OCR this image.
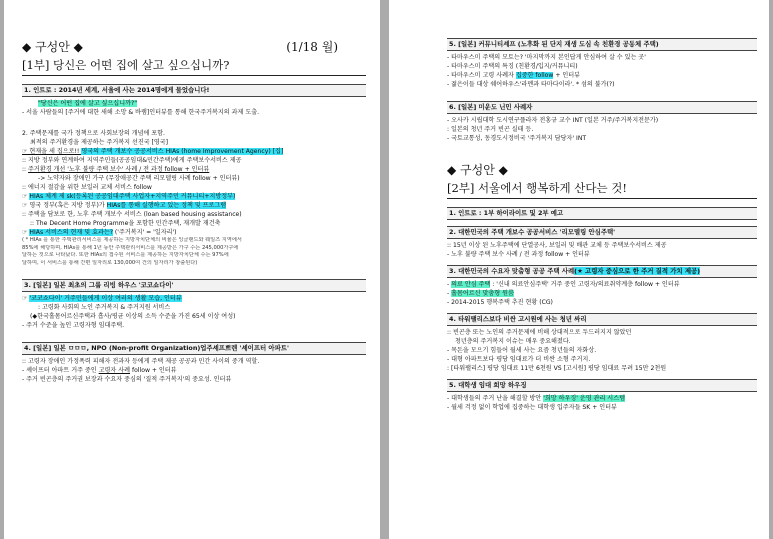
◆ 구성안 ◆	(1/18 월)
[1부] 당신은 어떤 집에 살고 싶으십니까?
1. 인트로 : 2014년 세계, 서울에 사는 2014명에게 물었습니다!
"당신은 어떤 집에 살고 싶으십니까?"
- 서울 사람들의 [주거에 대한 새해 소망 & 바램]인터뷰를 통해 한국주거복지의 과제 도출.
2. 주택문제를 국가 정책으로 사회보장의 개념에 포함.
최적의 주거환경을 제공하는 주거복지 선진국 [영국]
☞ 현재을 세 집으로!! 영국의 주택 개보수 공공서비스 HIAs (home Improvement Agency) [집]
:: 지방 정부와 연계하여 지역주민들(공공임대&민간주택)에게 주택보수서비스 제공
:: 주거환경 개선 '노후 불량 주택 보수' 사례 / 전 과정 follow + 인터뷰
-> 노약자와 장애인 가구 (무장애공간 주택 리모델링 사례 follow + 인터뷰)
:: 에너지 절감을 위한 보일러 교체 서비스 follow
☞ HIAs 체계 제 sk(등록된 공공임대주택 사업자+지역주민 커뮤니티+지방정부)
☞ 영국 정부(혹은 지방 정부)가 HIAs를 통해 실행하고 있는 정책 및 프로그램
:: 주택을 담보로 한, 노후 주택 개보수 서비스 (loan based housing assistance)
:: The Decent Home Programme을 포함한 민간주택, 재개발 재건축
☞ HIAs 서비스의 현재 및 효과는? ('주거복지' = '일자리')
( * HIAs 를 통한 주택관리서비스를 제공하는 지방자치단체의 비율은 잉글랜드와 웨일즈 지역에서
85%에 해당하며, HIAs를 통해 1년 동안 주택관리서비스를 제공받은 가구 수는 245,000가구에
달하는 것으로 나타났다. 또한 HIAs의 접수된 서비스를 제공하는 지방자치단체 수는 97%에
달하며, 이 서비스를 통해 간편 일자리로 130,000여 건의 일자리가 창출된다)
3. [일본] 일본 최초의 그룹 리빙 하우스 '코코쇼다이'
☞ '코코쇼다이' 거주민들에게 이상 여러의 생활 모습, 인터뷰
: 고령화 사회의 노인 주거복지 & 주거지원 서비스
(◆한국홀몸어르신주택과 흡사/평균 이상의 소득 수준을 가진 65세 이상 여성)
- 주거 수준을 높인 고령자형 임대주택.
4. [일본] 일본 ㅁㅁㅁ, NPO (Non-profit Organization)업주셰프쁘렌 '셰이프터 아파트'
:: 고령자 장애인 가정폭력 피해자 전과자 등에게 주택 제공 공공과 민간 사이의 중개 역할.
- 셰이프터 아파트 거주 중인 고령자 사례 follow + 인터뷰
- 주거 빈곤층의 주거권 보장과 수요자 중심의 '질적 주거복지'의 중요성. 인터뷰
5. [일본] 커뮤니티셰프 (노후화 된 단지 재생 도심 속 친환경 공동체 주택)
- 타마우스미 주택의 모토는? '마지막까지 본인답게 안심하여 살 수 있는 곳'
- 타마우스미 주택의 특징 (친환경/입지/커뮤니티)
- 타마우스미 고령 사례자 집중한 follow + 인터뷰
- 젊은이들 대상 쉐어하우스'라멘과 타마다이라'. * 섬의 불가(?)
6. [일본] 미운도 닌민 사례자
- 오사카 시립대학 도시연구플라자 전홍규 교수 INT (일본 거주/주거복지전문가)
: 일본의 청년 주거 빈곤 실태 등.
- 국토교통성, 동경도시정비국 '주거복지 담당자' INT
◆ 구성안 ◆
[2부] 서울에서 행복하게 산다는 것!
1. 인트로 : 1부 하이라이트 및 2부 예고
2. 대한민국의 주택 개보수 공공서비스 '리모델링 안심주택'
:: 15년 이상 된 노후주택에 단열공사, 보일러 및 배관 교체 등 주택보수서비스 제공
- 노후 불량 주택 보수 사례 / 전 과정 follow + 인터뷰
3. 대한민국의 수요자 맞춤형 공공 주택 사례(★ 고령자 중심으로 한 주거 질적 가치 제공)
- 의료 안심 주택 : '신내 의료안심주택' 거주 중인 고령자/의료취약계층 follow + 인터뷰
- 홀몸어르신 맞춤형 원룸
- 2014-2015 행복주택 추진 현황 (CG)
4. 타워팰리스보다 비싼 고시원에 사는 청년 싸리
:: 빈곤층 또는 노인의 주거문제에 비해 상대적으로 두드러지지 않았던
청년층의 주거복지 이슈는 매우 중요해졌다.
- 목돈을 모으기 힘들어 월세 사는 요즘 청년들의 자화상.
- 대형 아파트보다 평당 임대료가 더 비싼 소형 주거지.
: [타워팰리스] 평당 임대료 11만 6천원 VS [고시원] 평당 임대료 무려 15만 2천원
5. 대학생 임대 희망 하우징
- 대학생들의 주거 난을 해결할 방안 '희망 하우징' 운영 관리 시스템
- 월세 걱정 없이 학업에 집중하는 대학생 입주자들 SK + 인터뷰
